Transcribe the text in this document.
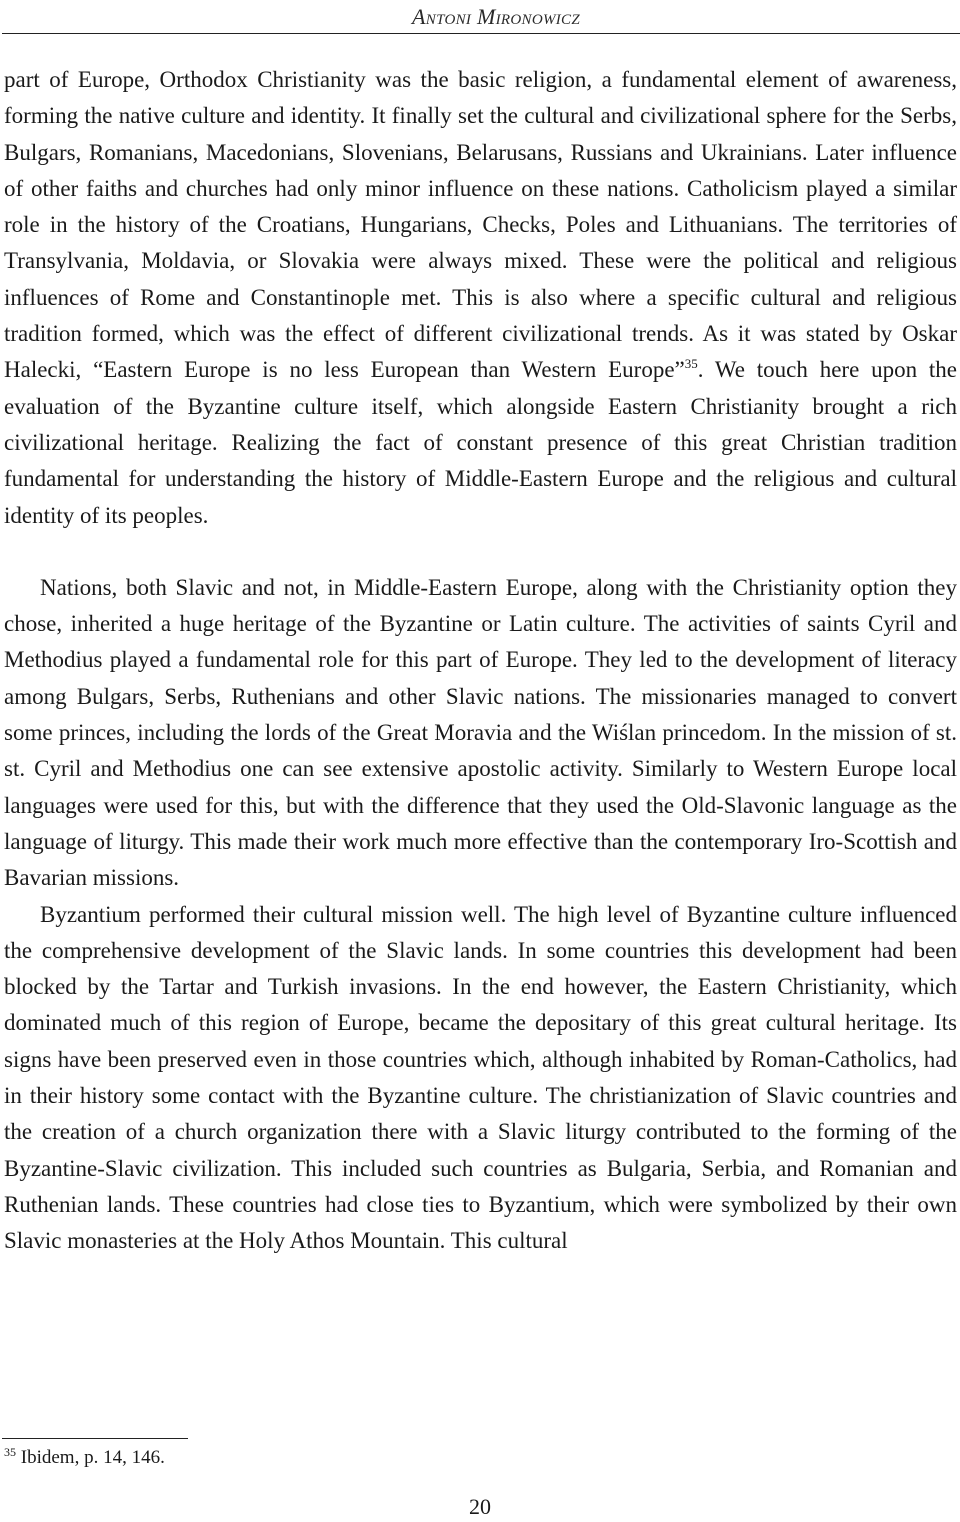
Antoni Mironowicz

part of Europe, Orthodox Christianity was the basic religion, a fundamental element of awareness, forming the native culture and identity. It finally set the cultural and civilizational sphere for the Serbs, Bulgars, Romanians, Macedonians, Slovenians, Belarusans, Russians and Ukrainians. Later influence of other faiths and churches had only minor influence on these nations. Catholicism played a similar role in the history of the Croatians, Hungarians, Checks, Poles and Lithuanians. The territories of Transylvania, Moldavia, or Slovakia were always mixed. These were the political and religious influences of Rome and Constantinople met. This is also where a specific cultural and religious tradition formed, which was the effect of different civilizational trends. As it was stated by Oskar Halecki, “Eastern Europe is no less European than Western Europe”$^{35}$. We touch here upon the evaluation of the Byzantine culture itself, which alongside Eastern Christianity brought a rich civilizational heritage. Realizing the fact of constant presence of this great Christian tradition fundamental for understanding the history of Middle-Eastern Europe and the religious and cultural identity of its peoples.

Nations, both Slavic and not, in Middle-Eastern Europe, along with the Christianity option they chose, inherited a huge heritage of the Byzantine or Latin culture. The activities of saints Cyril and Methodius played a fundamental role for this part of Europe. They led to the development of literacy among Bulgars, Serbs, Ruthenians and other Slavic nations. The missionaries managed to convert some princes, including the lords of the Great Moravia and the Wiślan princedom. In the mission of st. st. Cyril and Methodius one can see extensive apostolic activity. Similarly to Western Europe local languages were used for this, but with the difference that they used the Old-Slavonic language as the language of liturgy. This made their work much more effective than the contemporary Iro-Scottish and Bavarian missions.

Byzantium performed their cultural mission well. The high level of Byzantine culture influenced the comprehensive development of the Slavic lands. In some countries this development had been blocked by the Tartar and Turkish invasions. In the end however, the Eastern Christianity, which dominated much of this region of Europe, became the depositary of this great cultural heritage. Its signs have been preserved even in those countries which, although inhabited by Roman-Catholics, had in their history some contact with the Byzantine culture. The christianization of Slavic countries and the creation of a church organization there with a Slavic liturgy contributed to the forming of the Byzantine-Slavic civilization. This included such countries as Bulgaria, Serbia, and Romanian and Ruthenian lands. These countries had close ties to Byzantium, which were symbolized by their own Slavic monasteries at the Holy Athos Mountain. This cultural

$^{35}$ Ibidem, p. 14, 146.
20
